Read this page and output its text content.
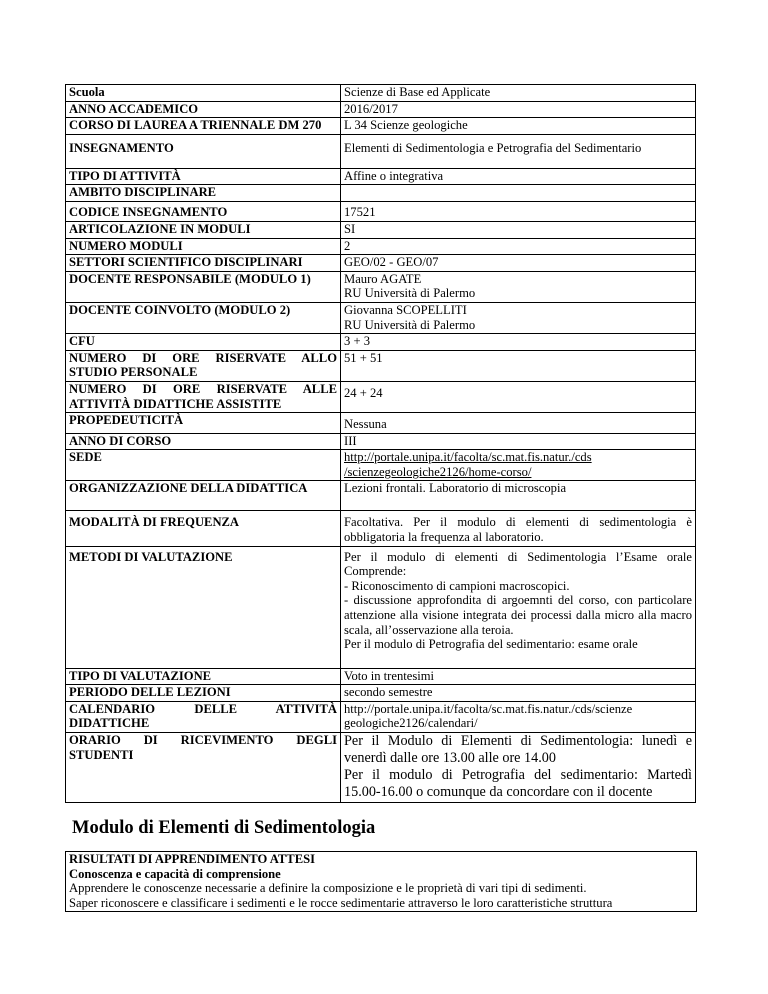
Scuola	Scienze di Base ed Applicate
ANNO ACCADEMICO	2016/2017
CORSO DI LAUREA A TRIENNALE DM 270	L 34 Scienze geologiche
INSEGNAMENTO	Elementi di Sedimentologia e Petrografia del Sedimentario
TIPO DI ATTIVITÀ	Affine o integrativa
AMBITO DISCIPLINARE	
CODICE INSEGNAMENTO	17521
ARTICOLAZIONE IN MODULI	SI
NUMERO MODULI	2
SETTORI SCIENTIFICO DISCIPLINARI	GEO/02 - GEO/07
DOCENTE RESPONSABILE (MODULO 1)	Mauro AGATE
RU Università di Palermo

DOCENTE COINVOLTO (MODULO 2)	Giovanna SCOPELLITI
RU Università di Palermo

CFU	3 + 3
NUMERO DI ORE RISERVATE ALLO STUDIO PERSONALE	51 + 51
NUMERO DI ORE RISERVATE ALLE ATTIVITÀ DIDATTICHE ASSISTITE	24 + 24
PROPEDEUTICITÀ	Nessuna
ANNO DI CORSO	III
SEDE	http://portale.unipa.it/facolta/sc.mat.fis.natur./cds /scienzegeologiche2126/home-corso/
ORGANIZZAZIONE DELLA DIDATTICA	Lezioni frontali. Laboratorio di microscopia
MODALITÀ DI FREQUENZA	Facoltativa. Per il modulo di elementi di sedimentologia è obbligatoria la frequenza al laboratorio.
METODI DI VALUTAZIONE	Per il modulo di elementi di Sedimentologia l’Esame orale Comprende:
- Riconoscimento di campioni macroscopici.
- discussione approfondita di argoemnti del corso, con particolare attenzione alla visione integrata dei processi dalla micro alla macro scala, all’osservazione alla teroia.
Per il modulo di Petrografia del sedimentario: esame orale

TIPO DI VALUTAZIONE	Voto in trentesimi
PERIODO DELLE LEZIONI	secondo semestre
CALENDARIO DELLE ATTIVITÀ DIDATTICHE	http://portale.unipa.it/facolta/sc.mat.fis.natur./cds/scienze geologiche2126/calendari/
ORARIO DI RICEVIMENTO DEGLI STUDENTI	Per il Modulo di Elementi di Sedimentologia: lunedì e venerdì dalle ore 13.00 alle ore 14.00
Per il modulo di Petrografia del sedimentario: Martedì 15.00-16.00 o comunque da concordare con il docente
Modulo di Elementi di Sedimentologia
RISULTATI DI APPRENDIMENTO ATTESI
Conoscenza e capacità di comprensione
Apprendere le conoscenze necessarie a definire la composizione e le proprietà di vari tipi di sedimenti.
Saper riconoscere e classificare i sedimenti e le rocce sedimentarie attraverso le loro caratteristiche struttura
